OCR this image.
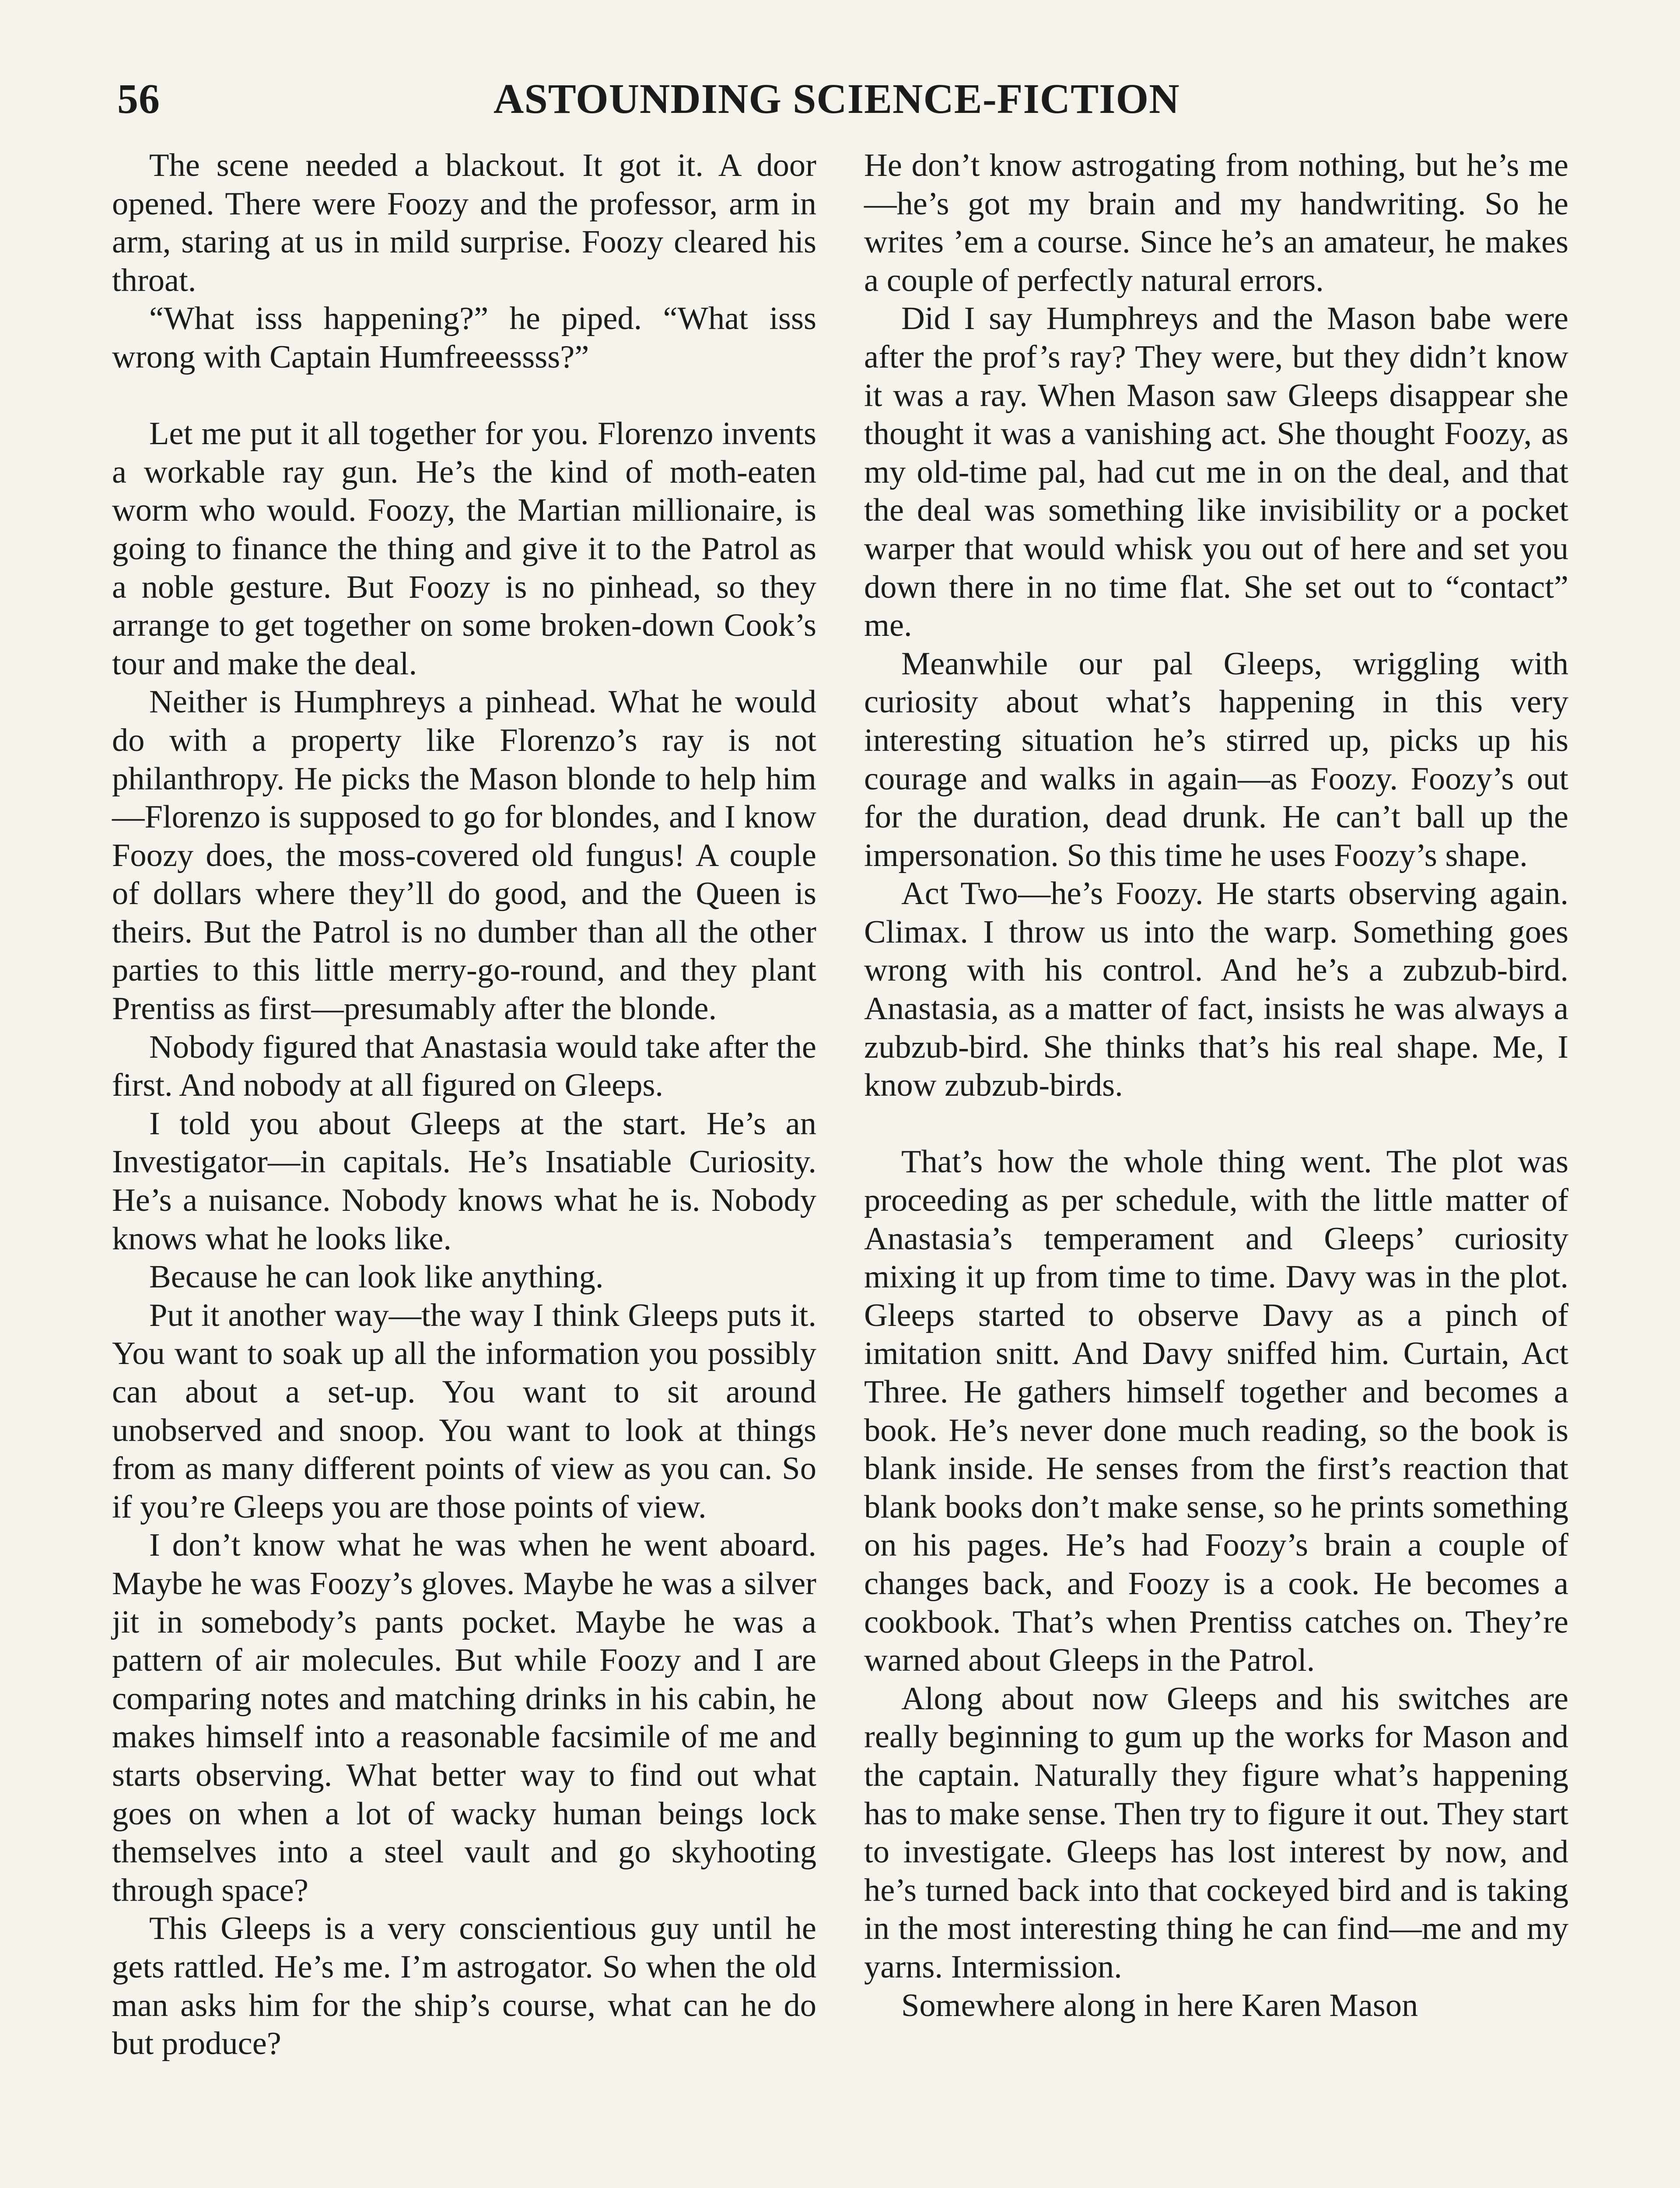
56	ASTOUNDING SCIENCE-FICTION

The scene needed a blackout. It got it. A door opened. There were Foozy and the professor, arm in arm, staring at us in mild surprise. Foozy cleared his throat.

“What isss happening?” he piped. “What isss wrong with Captain Humfreeessss?”

Let me put it all together for you. Florenzo invents a workable ray gun. He’s the kind of moth-eaten worm who would. Foozy, the Martian millionaire, is going to finance the thing and give it to the Patrol as a noble gesture. But Foozy is no pinhead, so they arrange to get together on some broken-down Cook’s tour and make the deal.

Neither is Humphreys a pinhead. What he would do with a property like Florenzo’s ray is not philanthropy. He picks the Mason blonde to help him—Florenzo is supposed to go for blondes, and I know Foozy does, the moss-covered old fungus! A couple of dollars where they’ll do good, and the Queen is theirs. But the Patrol is no dumber than all the other parties to this little merry-go-round, and they plant Prentiss as first—presumably after the blonde.

Nobody figured that Anastasia would take after the first. And nobody at all figured on Gleeps.

I told you about Gleeps at the start. He’s an Investigator—in capitals. He’s Insatiable Curiosity. He’s a nuisance. Nobody knows what he is. Nobody knows what he looks like.

Because he can look like anything.

Put it another way—the way I think Gleeps puts it. You want to soak up all the information you possibly can about a set-up. You want to sit around unobserved and snoop. You want to look at things from as many different points of view as you can. So if you’re Gleeps you are those points of view.

I don’t know what he was when he went aboard. Maybe he was Foozy’s gloves. Maybe he was a silver jit in somebody’s pants pocket. Maybe he was a pattern of air molecules. But while Foozy and I are comparing notes and matching drinks in his cabin, he makes himself into a reasonable facsimile of me and starts observing. What better way to find out what goes on when a lot of wacky human beings lock themselves into a steel vault and go skyhooting through space?

This Gleeps is a very conscientious guy until he gets rattled. He’s me. I’m astrogator. So when the old man asks him for the ship’s course, what can he do but produce?

He don’t know astrogating from nothing, but he’s me—he’s got my brain and my handwriting. So he writes ’em a course. Since he’s an amateur, he makes a couple of perfectly natural errors.

Did I say Humphreys and the Mason babe were after the prof’s ray? They were, but they didn’t know it was a ray. When Mason saw Gleeps disappear she thought it was a vanishing act. She thought Foozy, as my old-time pal, had cut me in on the deal, and that the deal was something like invisibility or a pocket warper that would whisk you out of here and set you down there in no time flat. She set out to “contact” me.

Meanwhile our pal Gleeps, wriggling with curiosity about what’s happening in this very interesting situation he’s stirred up, picks up his courage and walks in again—as Foozy. Foozy’s out for the duration, dead drunk. He can’t ball up the impersonation. So this time he uses Foozy’s shape.

Act Two—he’s Foozy. He starts observing again. Climax. I throw us into the warp. Something goes wrong with his control. And he’s a zubzub-bird. Anastasia, as a matter of fact, insists he was always a zubzub-bird. She thinks that’s his real shape. Me, I know zubzub-birds.

That’s how the whole thing went. The plot was proceeding as per schedule, with the little matter of Anastasia’s temperament and Gleeps’ curiosity mixing it up from time to time. Davy was in the plot. Gleeps started to observe Davy as a pinch of imitation snitt. And Davy sniffed him. Curtain, Act Three. He gathers himself together and becomes a book. He’s never done much reading, so the book is blank inside. He senses from the first’s reaction that blank books don’t make sense, so he prints something on his pages. He’s had Foozy’s brain a couple of changes back, and Foozy is a cook. He becomes a cookbook. That’s when Prentiss catches on. They’re warned about Gleeps in the Patrol.

Along about now Gleeps and his switches are really beginning to gum up the works for Mason and the captain. Naturally they figure what’s happening has to make sense. Then try to figure it out. They start to investigate. Gleeps has lost interest by now, and he’s turned back into that cockeyed bird and is taking in the most interesting thing he can find—me and my yarns. Intermission.

Somewhere along in here Karen Mason
